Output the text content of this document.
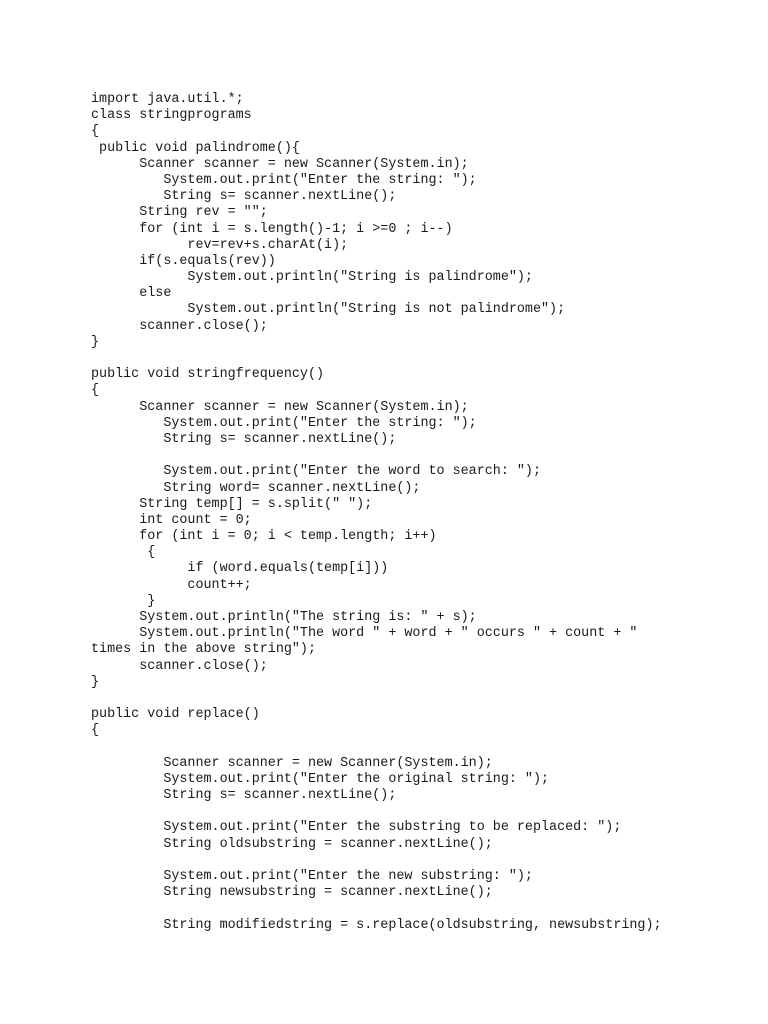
import java.util.*;
class stringprograms
{
public void palindrome(){
Scanner scanner = new Scanner(System.in);
System.out.print("Enter the string: ");
String s= scanner.nextLine();
String rev = "";
for (int i = s.length()-1; i >=0 ; i--)
rev=rev+s.charAt(i);
if(s.equals(rev))
System.out.println("String is palindrome");
else
System.out.println("String is not palindrome");
scanner.close();
}
public void stringfrequency()
{
Scanner scanner = new Scanner(System.in);
System.out.print("Enter the string: ");
String s= scanner.nextLine();
System.out.print("Enter the word to search: ");
String word= scanner.nextLine();
String temp[] = s.split(" ");
int count = 0;
for (int i = 0; i < temp.length; i++)
{
if (word.equals(temp[i]))
count++;
}
System.out.println("The string is: " + s);
System.out.println("The word " + word + " occurs " + count + "
times in the above string");
scanner.close();
}
public void replace()
{
Scanner scanner = new Scanner(System.in);
System.out.print("Enter the original string: ");
String s= scanner.nextLine();
System.out.print("Enter the substring to be replaced: ");
String oldsubstring = scanner.nextLine();
System.out.print("Enter the new substring: ");
String newsubstring = scanner.nextLine();
String modifiedstring = s.replace(oldsubstring, newsubstring);
